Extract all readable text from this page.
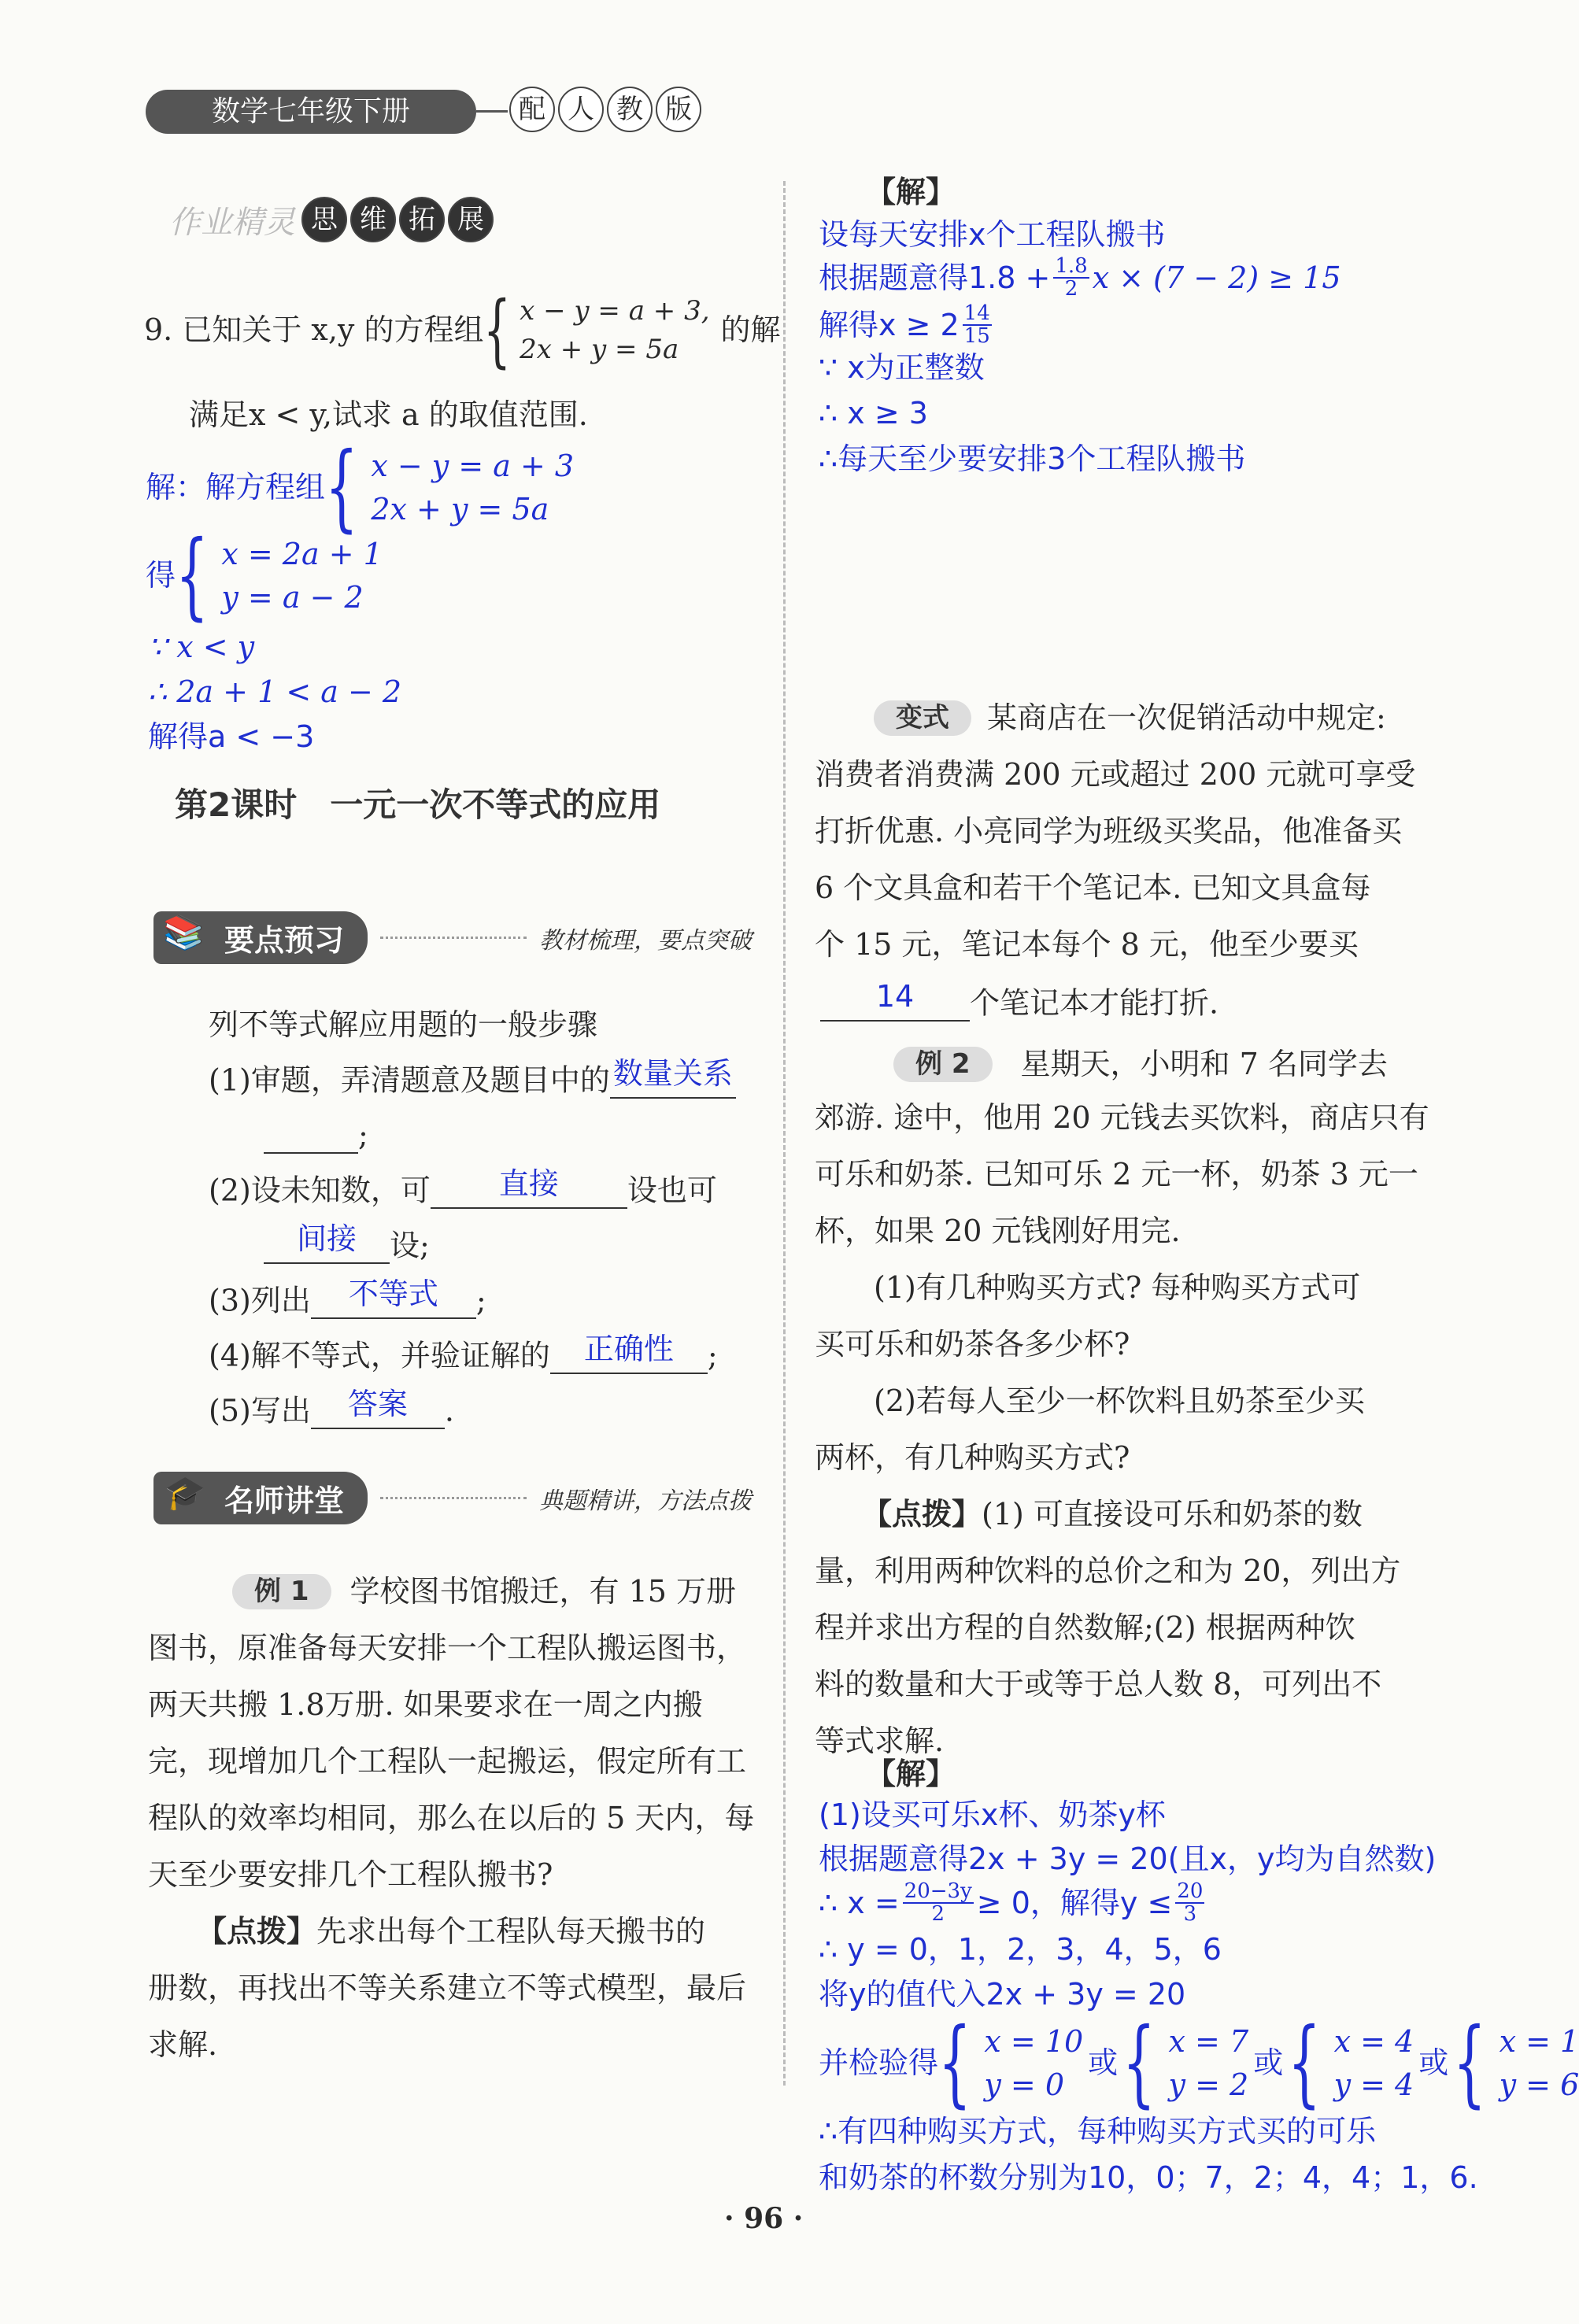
数学七年级下册	配 人 教 版
作业精灵 思 维 拓 展
9. 已知关于 x,y 的方程组 { x − y = a + 3,
2x + y = 5a
的解
满足x < y,试求 a 的取值范围.
解：解方程组 { x − y = a + 3
2x + y = 5a
得 { x = 2a + 1
y = a − 2
∵ x < y
∴ 2a + 1 < a − 2
解得a < −3
第2课时　一元一次不等式的应用
📚 要点预习	教材梳理，要点突破
列不等式解应用题的一般步骤
(1)审题，弄清题意及题目中的 数量关系
;
(2)设未知数，可	直接	设也可
间接	设;
(3)列出	不等式	;
(4)解不等式，并验证解的	正确性	;
(5)写出	答案	.
🎓 名师讲堂	典题精讲，方法点拨
例 1	学校图书馆搬迁，有 15 万册
图书，原准备每天安排一个工程队搬运图书，
两天共搬 1.8万册. 如果要求在一周之内搬
完，现增加几个工程队一起搬运，假定所有工
程队的效率均相同，那么在以后的 5 天内，每
天至少要安排几个工程队搬书?
【点拨】先求出每个工程队每天搬书的
册数，再找出不等关系建立不等式模型，最后
求解.
【解】
设每天安排x个工程队搬书
根据题意得$1.8 + \frac{1.8}{2}$ x × (7 − 2) ≥ 15
解得$x \ge 2 \frac{14}{15}$
∵ x为正整数
∴ x ≥ 3
∴每天至少要安排3个工程队搬书
变式	某商店在一次促销活动中规定:
消费者消费满 200 元或超过 200 元就可享受
打折优惠. 小亮同学为班级买奖品，他准备买
6 个文具盒和若干个笔记本. 已知文具盒每
个 15 元，笔记本每个 8 元，他至少要买
14	个笔记本才能打折.
例 2	星期天，小明和 7 名同学去
郊游. 途中，他用 20 元钱去买饮料，商店只有
可乐和奶茶. 已知可乐 2 元一杯，奶茶 3 元一
杯，如果 20 元钱刚好用完.
(1)有几种购买方式? 每种购买方式可
买可乐和奶茶各多少杯?
(2)若每人至少一杯饮料且奶茶至少买
两杯，有几种购买方式?
【点拨】(1) 可直接设可乐和奶茶的数
量，利用两种饮料的总价之和为 20，列出方
程并求出方程的自然数解;(2) 根据两种饮
料的数量和大于或等于总人数 8，可列出不
等式求解.
【解】
(1)设买可乐x杯、奶茶y杯
根据题意得2x + 3y = 20(且x，y均为自然数)
∴ $x = \frac{20-3y}{2} \ge 0$，解得$y \le \frac{20}{3}$
∴ y = 0，1，2，3，4，5，6
将y的值代入2x + 3y = 20
并检验得 { x = 10
y = 0
或 { x = 7
y = 2
或 { x = 4
y = 4
或 { x = 1
y = 6
∴有四种购买方式，每种购买方式买的可乐
和奶茶的杯数分别为10，0；7，2；4，4；1，6.
· 96 ·
